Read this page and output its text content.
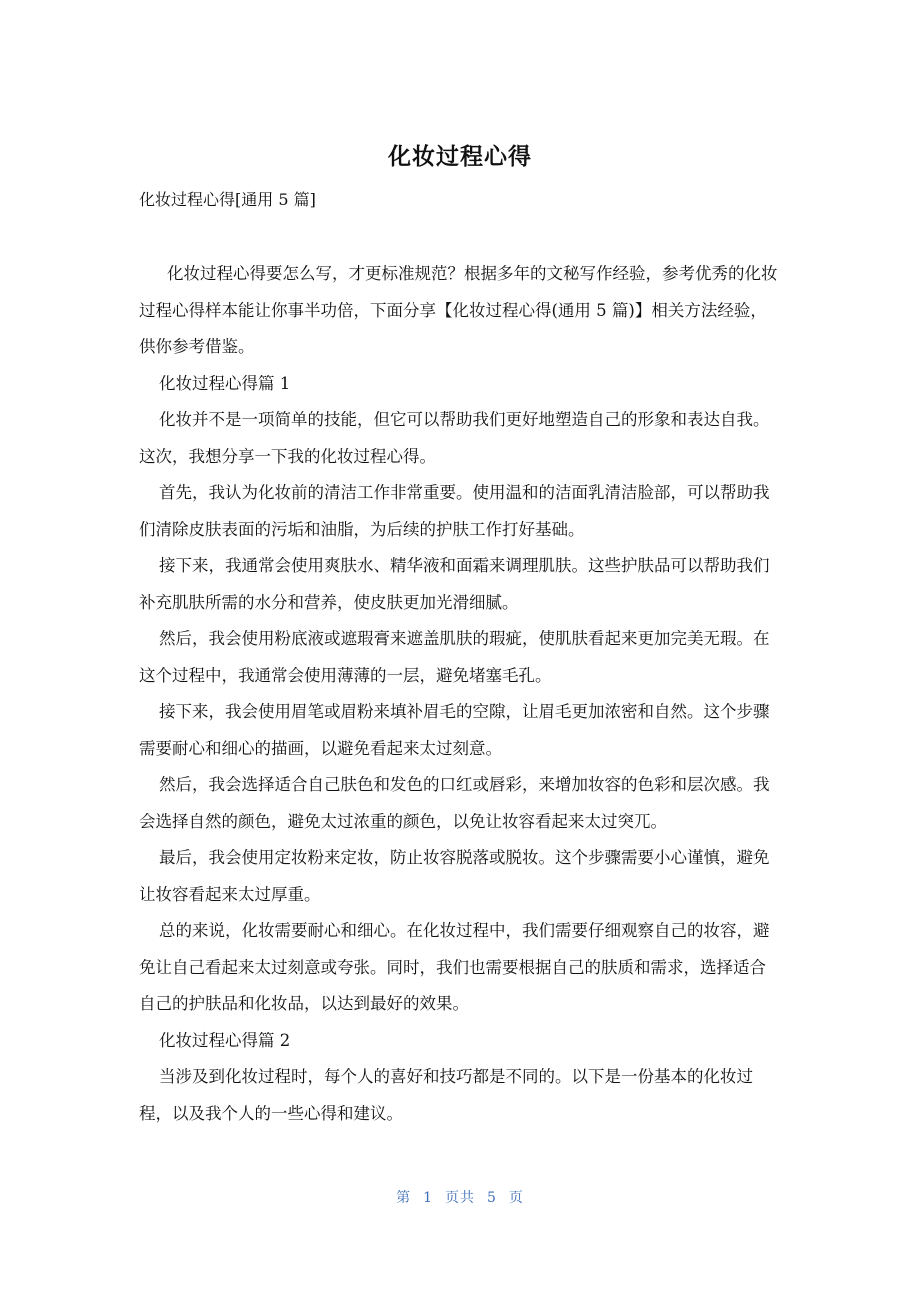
化妆过程心得
化妆过程心得[通用 5 篇]

化妆过程心得要怎么写，才更标准规范？根据多年的文秘写作经验，参考优秀的化妆过程心得样本能让你事半功倍，下面分享【化妆过程心得(通用 5 篇)】相关方法经验，供你参考借鉴。

化妆过程心得篇 1

化妆并不是一项简单的技能，但它可以帮助我们更好地塑造自己的形象和表达自我。这次，我想分享一下我的化妆过程心得。

首先，我认为化妆前的清洁工作非常重要。使用温和的洁面乳清洁脸部，可以帮助我们清除皮肤表面的污垢和油脂，为后续的护肤工作打好基础。

接下来，我通常会使用爽肤水、精华液和面霜来调理肌肤。这些护肤品可以帮助我们补充肌肤所需的水分和营养，使皮肤更加光滑细腻。

然后，我会使用粉底液或遮瑕膏来遮盖肌肤的瑕疵，使肌肤看起来更加完美无瑕。在这个过程中，我通常会使用薄薄的一层，避免堵塞毛孔。

接下来，我会使用眉笔或眉粉来填补眉毛的空隙，让眉毛更加浓密和自然。这个步骤需要耐心和细心的描画，以避免看起来太过刻意。

然后，我会选择适合自己肤色和发色的口红或唇彩，来增加妆容的色彩和层次感。我会选择自然的颜色，避免太过浓重的颜色，以免让妆容看起来太过突兀。

最后，我会使用定妆粉来定妆，防止妆容脱落或脱妆。这个步骤需要小心谨慎，避免让妆容看起来太过厚重。

总的来说，化妆需要耐心和细心。在化妆过程中，我们需要仔细观察自己的妆容，避免让自己看起来太过刻意或夸张。同时，我们也需要根据自己的肤质和需求，选择适合自己的护肤品和化妆品，以达到最好的效果。

化妆过程心得篇 2

当涉及到化妆过程时，每个人的喜好和技巧都是不同的。以下是一份基本的化妆过程，以及我个人的一些心得和建议。

第 1 页共 5 页
